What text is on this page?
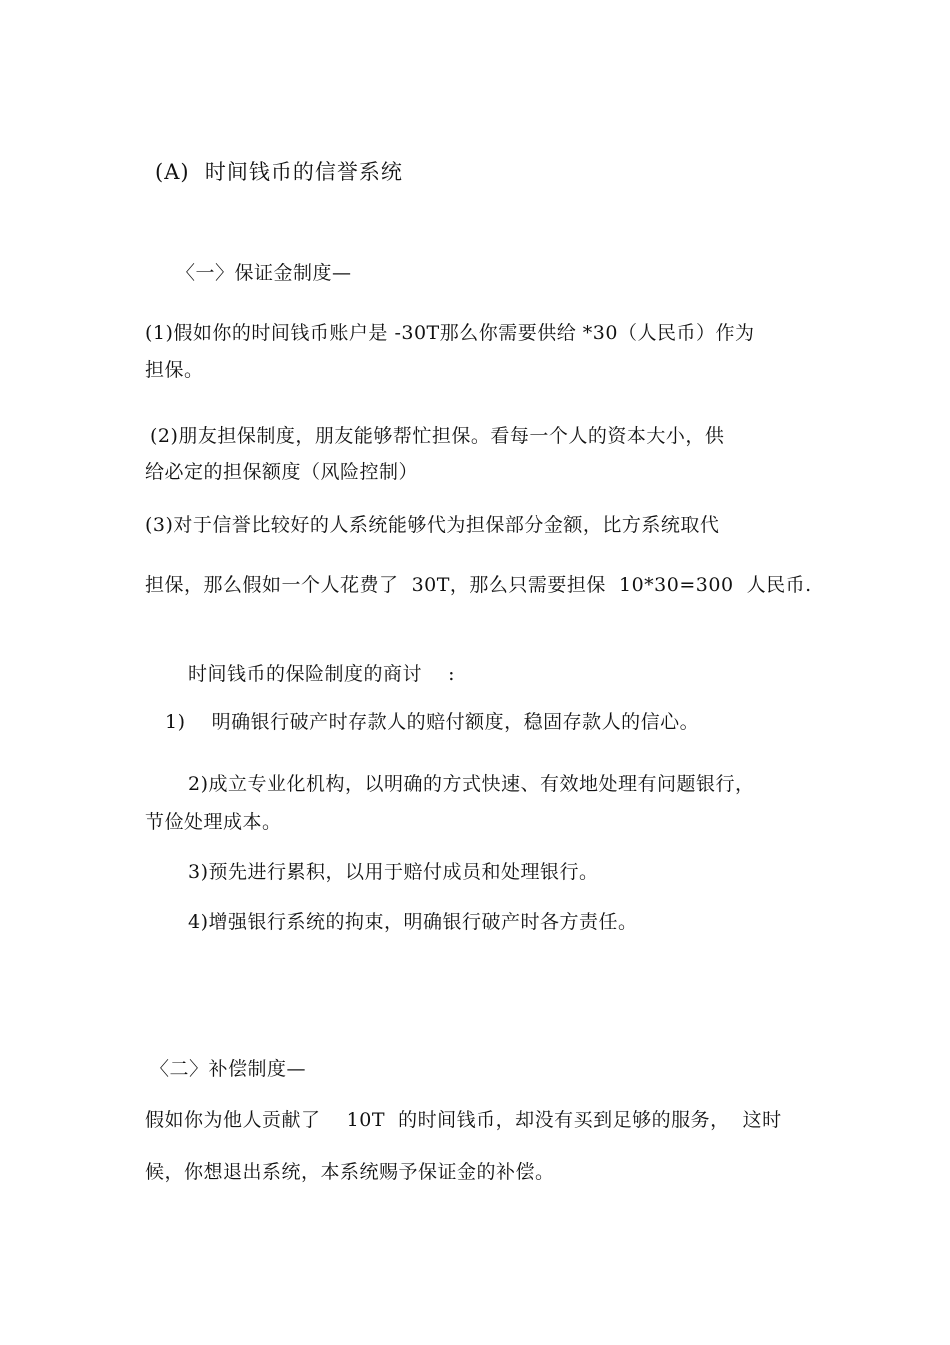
(A)  时间钱币的信誉系统
〈一〉保证金制度—
(1)假如你的时间钱币账户是 -30T那么你需要供给 *30（人民币）作为
担保。
(2)朋友担保制度，朋友能够帮忙担保。看每一个人的资本大小，供
给必定的担保额度（风险控制）
(3)对于信誉比较好的人系统能够代为担保部分金额，比方系统取代
担保，那么假如一个人花费了  30T，那么只需要担保  10*30=300  人民币.
时间钱币的保险制度的商讨    :
1)    明确银行破产时存款人的赔付额度，稳固存款人的信心。
2)成立专业化机构，以明确的方式快速、有效地处理有问题银行，
节俭处理成本。
3)预先进行累积，以用于赔付成员和处理银行。
4)增强银行系统的拘束，明确银行破产时各方责任。
〈二〉补偿制度—
假如你为他人贡献了    10T  的时间钱币，却没有买到足够的服务，  这时
候，你想退出系统，本系统赐予保证金的补偿。
